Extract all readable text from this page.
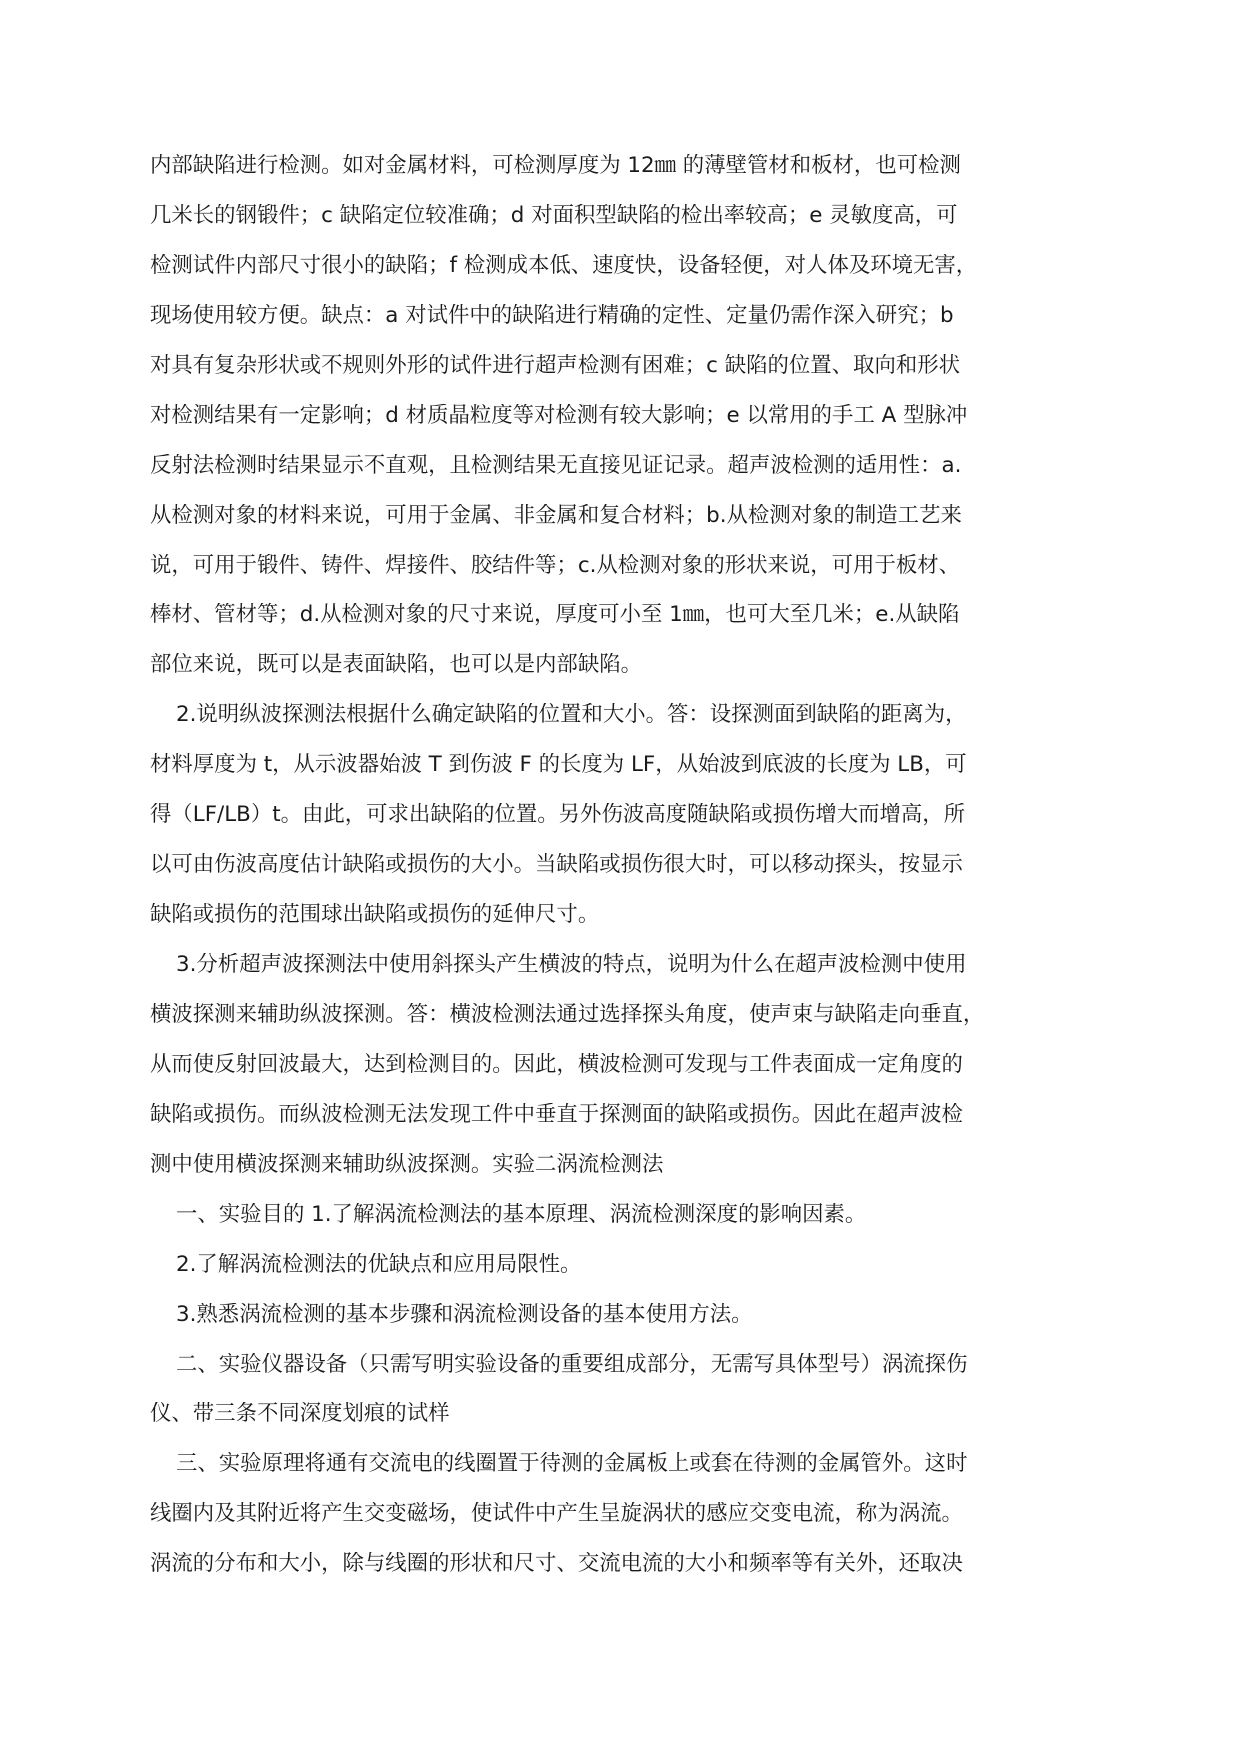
内部缺陷进行检测。如对金属材料，可检测厚度为 12㎜ 的薄壁管材和板材，也可检测
几米长的钢锻件；c 缺陷定位较准确；d 对面积型缺陷的检出率较高；e 灵敏度高，可
检测试件内部尺寸很小的缺陷；f 检测成本低、速度快，设备轻便，对人体及环境无害，
现场使用较方便。缺点：a 对试件中的缺陷进行精确的定性、定量仍需作深入研究；b
对具有复杂形状或不规则外形的试件进行超声检测有困难；c 缺陷的位置、取向和形状
对检测结果有一定影响；d 材质晶粒度等对检测有较大影响；e 以常用的手工 A 型脉冲
反射法检测时结果显示不直观，且检测结果无直接见证记录。超声波检测的适用性：a.
从检测对象的材料来说，可用于金属、非金属和复合材料；b.从检测对象的制造工艺来
说，可用于锻件、铸件、焊接件、胶结件等；c.从检测对象的形状来说，可用于板材、
棒材、管材等；d.从检测对象的尺寸来说，厚度可小至 1㎜，也可大至几米；e.从缺陷
部位来说，既可以是表面缺陷，也可以是内部缺陷。
2.说明纵波探测法根据什么确定缺陷的位置和大小。答：设探测面到缺陷的距离为，
材料厚度为 t，从示波器始波 T 到伤波 F 的长度为 LF，从始波到底波的长度为 LB，可
得（LF/LB）t。由此，可求出缺陷的位置。另外伤波高度随缺陷或损伤增大而增高，所
以可由伤波高度估计缺陷或损伤的大小。当缺陷或损伤很大时，可以移动探头，按显示
缺陷或损伤的范围球出缺陷或损伤的延伸尺寸。
3.分析超声波探测法中使用斜探头产生横波的特点，说明为什么在超声波检测中使用
横波探测来辅助纵波探测。答：横波检测法通过选择探头角度，使声束与缺陷走向垂直，
从而使反射回波最大，达到检测目的。因此，横波检测可发现与工件表面成一定角度的
缺陷或损伤。而纵波检测无法发现工件中垂直于探测面的缺陷或损伤。因此在超声波检
测中使用横波探测来辅助纵波探测。实验二涡流检测法
一、实验目的 1.了解涡流检测法的基本原理、涡流检测深度的影响因素。
2.了解涡流检测法的优缺点和应用局限性。
3.熟悉涡流检测的基本步骤和涡流检测设备的基本使用方法。
二、实验仪器设备（只需写明实验设备的重要组成部分，无需写具体型号）涡流探伤
仪、带三条不同深度划痕的试样
三、实验原理将通有交流电的线圈置于待测的金属板上或套在待测的金属管外。这时
线圈内及其附近将产生交变磁场，使试件中产生呈旋涡状的感应交变电流，称为涡流。
涡流的分布和大小，除与线圈的形状和尺寸、交流电流的大小和频率等有关外，还取决
